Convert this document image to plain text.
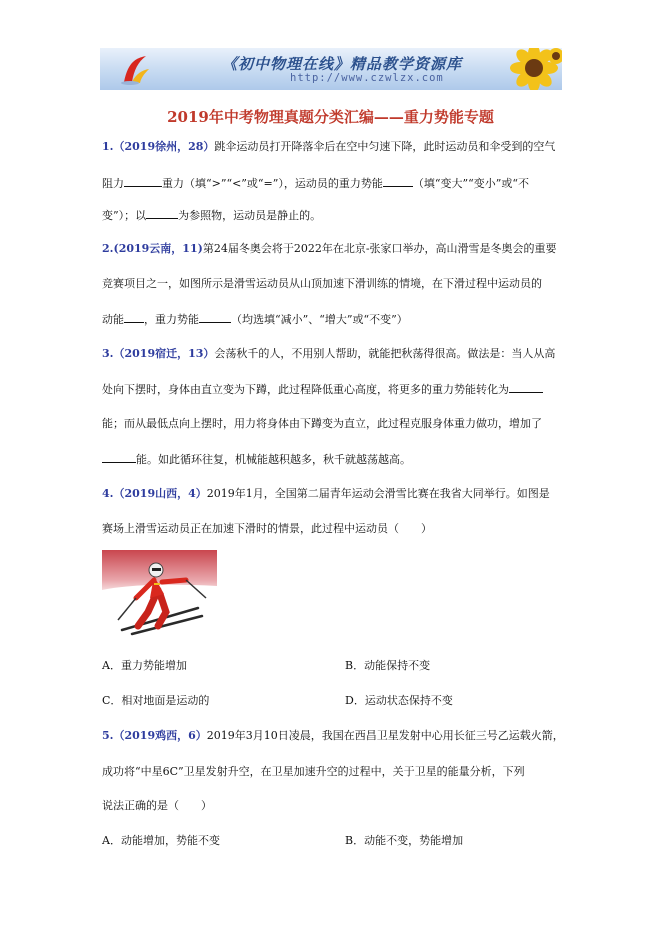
《初中物理在线》精品教学资源库
http://www.czwlzx.com
2019年中考物理真题分类汇编——重力势能专题
1.（2019徐州，28）跳伞运动员打开降落伞后在空中匀速下降，此时运动员和伞受到的空气
阻力	重力（填“>”“<”或“=”），运动员的重力势能	（填“变大”“变小”或“不
变”）；以	为参照物，运动员是静止的。
2.(2019云南，11)第24届冬奥会将于2022年在北京-张家口举办，高山滑雪是冬奥会的重要
竞赛项目之一，如图所示是滑雪运动员从山顶加速下滑训练的情境，在下滑过程中运动员的
动能 ，重力势能	（均选填“减小”、“增大”或“不变”）
3.（2019宿迁，13）会荡秋千的人，不用别人帮助，就能把秋荡得很高。做法是：当人从高
处向下摆时，身体由直立变为下蹲，此过程降低重心高度，将更多的重力势能转化为
能；而从最低点向上摆时，用力将身体由下蹲变为直立，此过程克服身体重力做功，增加了
能。如此循环往复，机械能越积越多，秋千就越荡越高。
4.（2019山西，4）2019年1月，全国第二届青年运动会滑雪比赛在我省大同举行。如图是
赛场上滑雪运动员正在加速下滑时的情景，此过程中运动员（　　）
A．重力势能增加	B．动能保持不变
C．相对地面是运动的	D．运动状态保持不变
5.（2019鸡西，6）2019年3月10日凌晨，我国在西昌卫星发射中心用长征三号乙运载火箭，
成功将“中星6C”卫星发射升空，在卫星加速升空的过程中，关于卫星的能量分析，下列
说法正确的是（　　）
A．动能增加，势能不变	B．动能不变，势能增加
